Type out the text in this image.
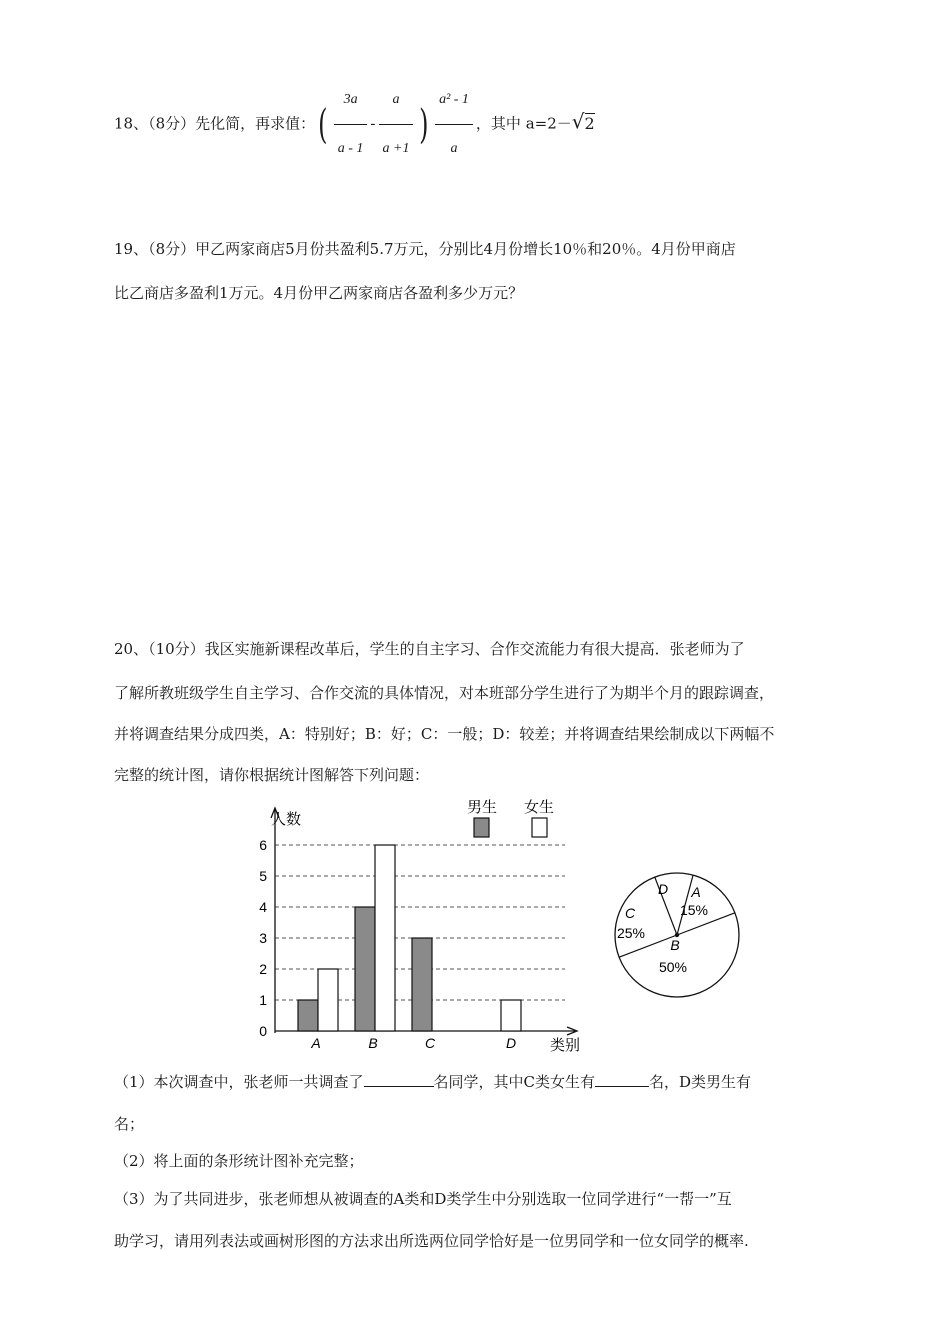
18、（8分）先化简，再求值：( $\frac{3a}{a - 1} - \frac{a}{a +1}$ ) $\frac{\text{a² - 1}}{a}$ ，其中 a=2－√2
19、（8分）甲乙两家商店5月份共盈利5.7万元，分别比4月份增长10％和20％。4月份甲商店
比乙商店多盈利1万元。4月份甲乙两家商店各盈利多少万元？
20、（10分）我区实施新课程改革后，学生的自主字习、合作交流能力有很大提高．张老师为了
了解所教班级学生自主学习、合作交流的具体情况，对本班部分学生进行了为期半个月的跟踪调查，
并将调查结果分成四类，A：特别好；B：好；C：一般；D：较差；并将调查结果绘制成以下两幅不
完整的统计图，请你根据统计图解答下列问题：
人数
类别
0
1
2
3
4
5
6
A	B	C	D
男生 女生
A
15%
B
50%
C
25%
D
（1）本次调查中，张老师一共调查了	名同学，其中C类女生有	名，D类男生有
名；
（2）将上面的条形统计图补充完整；
（3）为了共同进步，张老师想从被调查的A类和D类学生中分别选取一位同学进行“一帮一”互
助学习，请用列表法或画树形图的方法求出所选两位同学恰好是一位男同学和一位女同学的概率.
